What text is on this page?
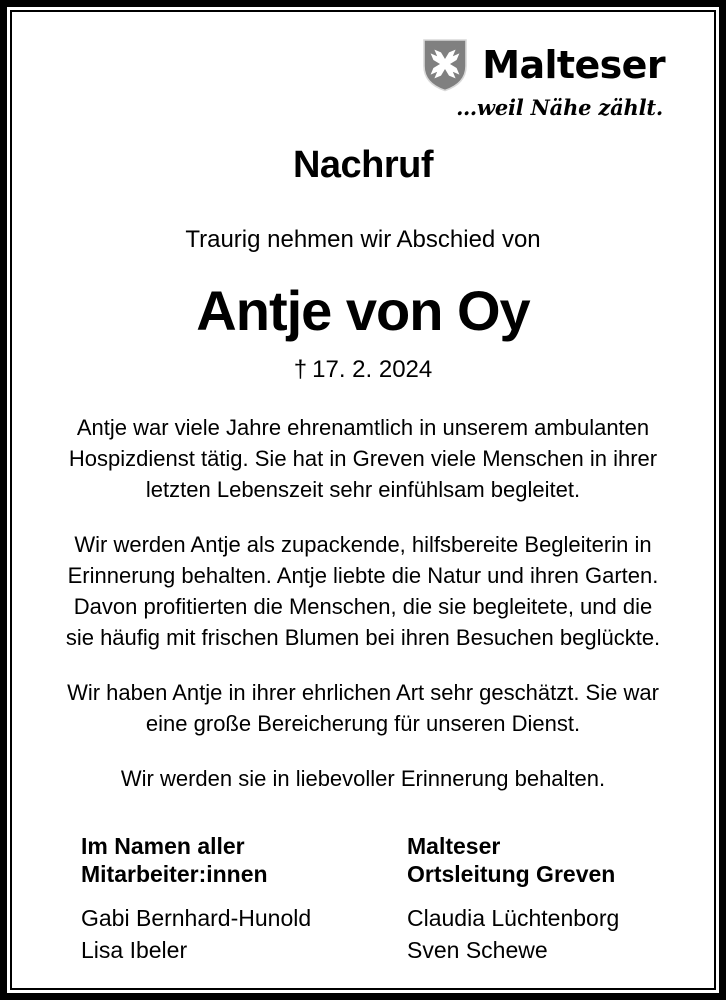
Malteser
…weil Nähe zählt.
Nachruf
Traurig nehmen wir Abschied von
Antje von Oy
† 17. 2. 2024

Antje war viele Jahre ehrenamtlich in unserem ambulanten Hospizdienst tätig. Sie hat in Greven viele Menschen in ihrer letzten Lebenszeit sehr einfühlsam begleitet.

Wir werden Antje als zupackende, hilfsbereite Begleiterin in Erinnerung behalten. Antje liebte die Natur und ihren Garten. Davon profitierten die Menschen, die sie begleitete, und die sie häufig mit frischen Blumen bei ihren Besuchen beglückte.

Wir haben Antje in ihrer ehrlichen Art sehr geschätzt. Sie war eine große Bereicherung für unseren Dienst.

Wir werden sie in liebevoller Erinnerung behalten.

Im Namen aller
Mitarbeiter:innen
Gabi Bernhard-Hunold
Lisa Ibeler
Malteser
Ortsleitung Greven
Claudia Lüchtenborg
Sven Schewe
